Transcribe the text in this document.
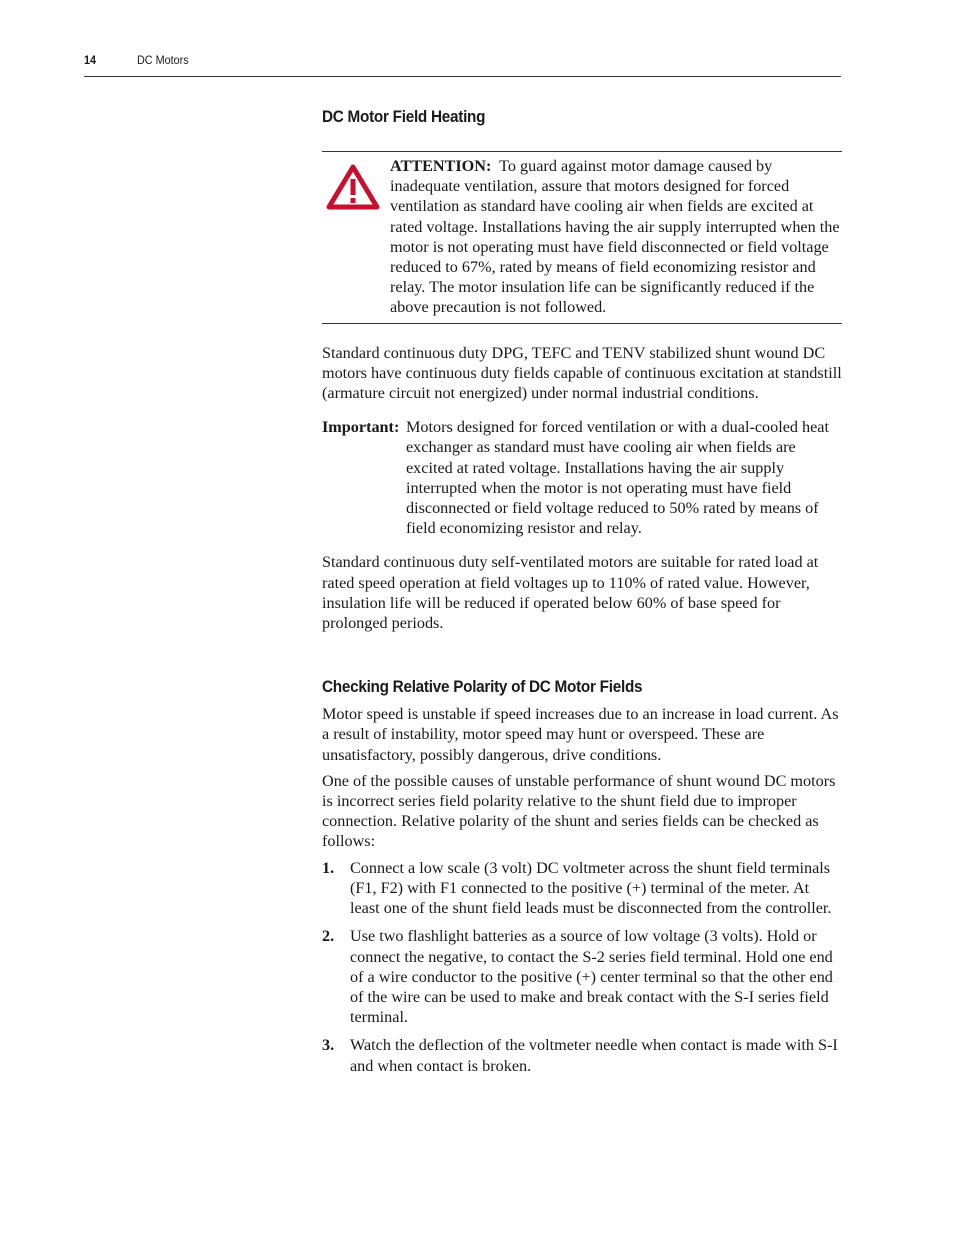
14	DC Motors
DC Motor Field Heating
ATTENTION: To guard against motor damage caused by inadequate ventilation, assure that motors designed for forced ventilation as standard have cooling air when fields are excited at rated voltage. Installations having the air supply interrupted when the motor is not operating must have field disconnected or field voltage reduced to 67%, rated by means of field economizing resistor and relay. The motor insulation life can be significantly reduced if the above precaution is not followed.

Standard continuous duty DPG, TEFC and TENV stabilized shunt wound DC motors have continuous duty fields capable of continuous excitation at standstill (armature circuit not energized) under normal industrial conditions.

Important: Motors designed for forced ventilation or with a dual-cooled heat exchanger as standard must have cooling air when fields are excited at rated voltage. Installations having the air supply interrupted when the motor is not operating must have field disconnected or field voltage reduced to 50% rated by means of field economizing resistor and relay.

Standard continuous duty self-ventilated motors are suitable for rated load at rated speed operation at field voltages up to 110% of rated value. However, insulation life will be reduced if operated below 60% of base speed for prolonged periods.

Checking Relative Polarity of DC Motor Fields

Motor speed is unstable if speed increases due to an increase in load current. As a result of instability, motor speed may hunt or overspeed. These are unsatisfactory, possibly dangerous, drive conditions.

One of the possible causes of unstable performance of shunt wound DC motors is incorrect series field polarity relative to the shunt field due to improper connection. Relative polarity of the shunt and series fields can be checked as follows:

1. Connect a low scale (3 volt) DC voltmeter across the shunt field terminals (F1, F2) with F1 connected to the positive (+) terminal of the meter. At least one of the shunt field leads must be disconnected from the controller.
2. Use two flashlight batteries as a source of low voltage (3 volts). Hold or connect the negative, to contact the S-2 series field terminal. Hold one end of a wire conductor to the positive (+) center terminal so that the other end of the wire can be used to make and break contact with the S-I series field terminal.
3. Watch the deflection of the voltmeter needle when contact is made with S-I and when contact is broken.
